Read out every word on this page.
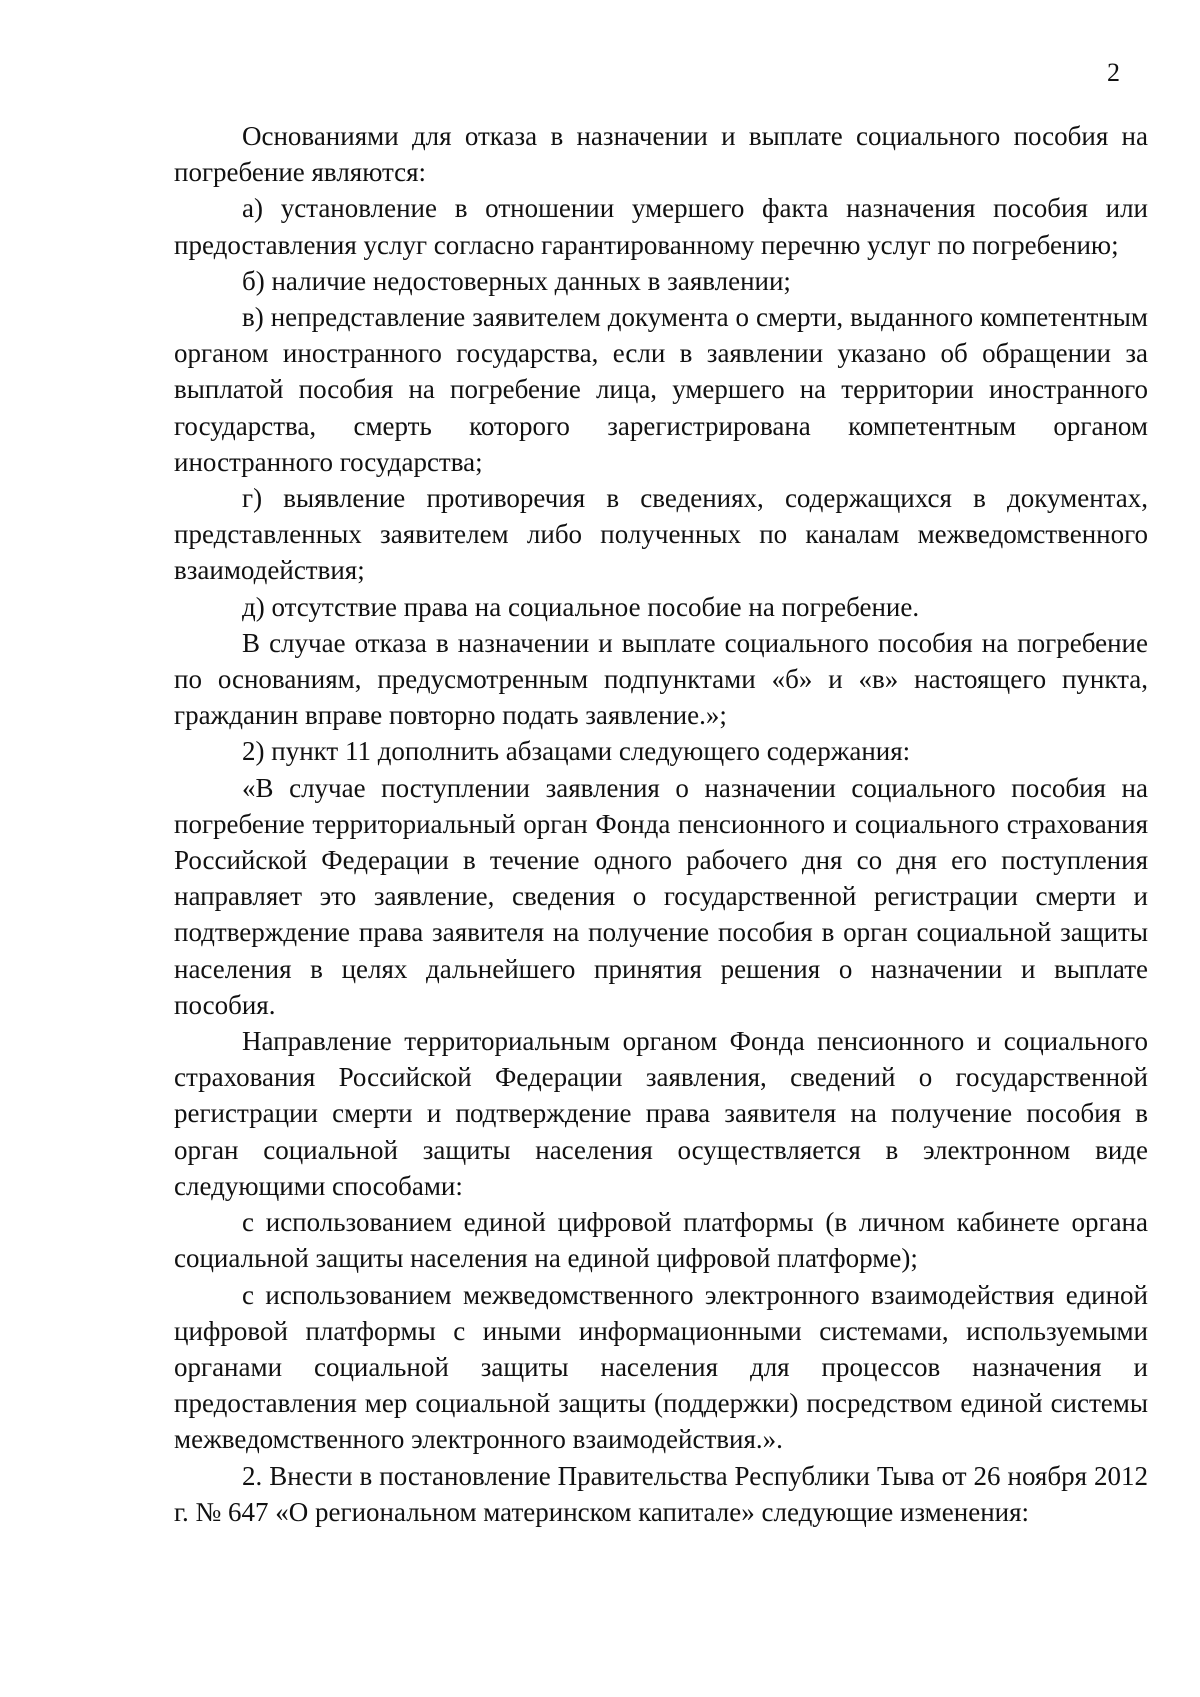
2

Основаниями для отказа в назначении и выплате социального пособия на погребение являются:

а) установление в отношении умершего факта назначения пособия или предоставления услуг согласно гарантированному перечню услуг по погребению;

б) наличие недостоверных данных в заявлении;

в) непредставление заявителем документа о смерти, выданного компетентным органом иностранного государства, если в заявлении указано об обращении за выплатой пособия на погребение лица, умершего на территории иностранного государства, смерть которого зарегистрирована компетентным органом иностранного государства;

г) выявление противоречия в сведениях, содержащихся в документах, представленных заявителем либо полученных по каналам межведомственного взаимодействия;

д) отсутствие права на социальное пособие на погребение.

В случае отказа в назначении и выплате социального пособия на погребение по основаниям, предусмотренным подпунктами «б» и «в» настоящего пункта, гражданин вправе повторно подать заявление.»;

2) пункт 11 дополнить абзацами следующего содержания:

«В случае поступлении заявления о назначении социального пособия на погребение территориальный орган Фонда пенсионного и социального страхования Российской Федерации в течение одного рабочего дня со дня его поступления направляет это заявление, сведения о государственной регистрации смерти и подтверждение права заявителя на получение пособия в орган социальной защиты населения в целях дальнейшего принятия решения о назначении и выплате пособия.

Направление территориальным органом Фонда пенсионного и социального страхования Российской Федерации заявления, сведений о государственной регистрации смерти и подтверждение права заявителя на получение пособия в орган социальной защиты населения осуществляется в электронном виде следующими способами:

с использованием единой цифровой платформы (в личном кабинете органа социальной защиты населения на единой цифровой платформе);

с использованием межведомственного электронного взаимодействия единой цифровой платформы с иными информационными системами, используемыми органами социальной защиты населения для процессов назначения и предоставления мер социальной защиты (поддержки) посредством единой системы межведомственного электронного взаимодействия.».

2. Внести в постановление Правительства Республики Тыва от 26 ноября 2012 г. № 647 «О региональном материнском капитале» следующие изменения:
